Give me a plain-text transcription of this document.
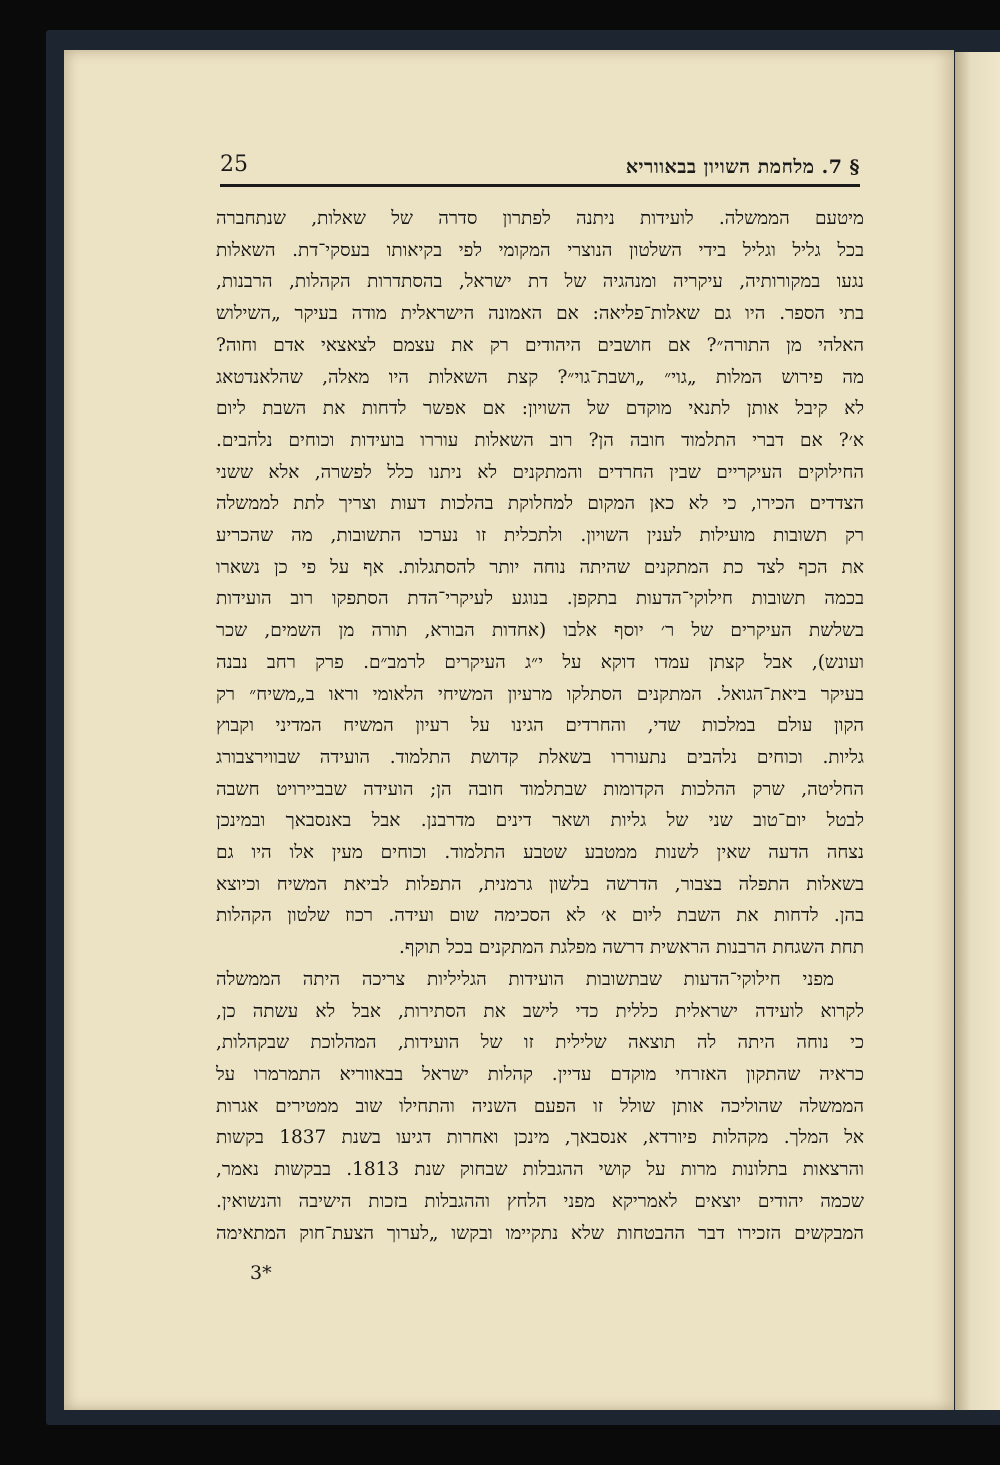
§ 7. מלחמת השויון בבאווריא
25
מיטעם הממשלה. לועידות ניתנה לפתרון סדרה של שאלות, שנתחברה
בכל גליל וגליל בידי השלטון הנוצרי המקומי לפי בקיאותו בעסקי־דת. השאלות
נגעו במקורותיה, עיקריה ומנהגיה של דת ישראל, בהסתדרות הקהלות, הרבנות,
בתי הספר. היו גם שאלות־פליאה: אם האמונה הישראלית מודה בעיקר „השילוש
האלהי מן התורה״? אם חושבים היהודים רק את עצמם לצאצאי אדם וחוה?
מה פירוש המלות „גוי״ „ושבת־גוי״? קצת השאלות היו מאלה, שהלאנדטאג
לא קיבל אותן לתנאי מוקדם של השויון: אם אפשר לדחות את השבת ליום
א׳? אם דברי התלמוד חובה הן? רוב השאלות עוררו בועידות וכוחים נלהבים.
החילוקים העיקריים שבין החרדים והמתקנים לא ניתנו כלל לפשרה, אלא ששני
הצדדים הכירו, כי לא כאן המקום למחלוקת בהלכות דעות וצריך לתת לממשלה
רק תשובות מועילות לענין השויון. ולתכלית זו נערכו התשובות, מה שהכריע
את הכף לצד כת המתקנים שהיתה נוחה יותר להסתגלות. אף על פי כן נשארו
בכמה תשובות חילוקי־הדעות בתקפן. בנוגע לעיקרי־הדת הסתפקו רוב הועידות
בשלשת העיקרים של ר׳ יוסף אלבו (אחדות הבורא, תורה מן השמים, שכר
ועונש), אבל קצתן עמדו דוקא על י״ג העיקרים לרמב״ם. פרק רחב נבנה
בעיקר ביאת־הגואל. המתקנים הסתלקו מרעיון המשיחי הלאומי וראו ב„משיח״ רק
הקון עולם במלכות שדי, והחרדים הגינו על רעיון המשיח המדיני וקבוץ
גליות. וכוחים נלהבים נתעוררו בשאלת קדושת התלמוד. הועידה שבווירצבורג
החליטה, שרק ההלכות הקדומות שבתלמוד חובה הן; הועידה שבביירויט חשבה
לבטל יום־טוב שני של גליות ושאר דינים מדרבנן. אבל באנסבאך ובמינכן
נצחה הדעה שאין לשנות ממטבע שטבע התלמוד. וכוחים מעין אלו היו גם
בשאלות התפלה בצבור, הדרשה בלשון גרמנית, התפלות לביאת המשיח וכיוצא
בהן. לדחות את השבת ליום א׳ לא הסכימה שום ועידה. רכוז שלטון הקהלות
תחת השגחת הרבנות הראשית דרשה מפלגת המתקנים בכל תוקף.
מפני חילוקי־הדעות שבתשובות הועידות הגליליות צריכה היתה הממשלה
לקרוא לועידה ישראלית כללית כדי לישב את הסתירות, אבל לא עשתה כן,
כי נוחה היתה לה תוצאה שלילית זו של הועידות, המהלוכת שבקהלות,
כראיה שהתקון האזרחי מוקדם עדיין. קהלות ישראל בבאווריא התמרמרו על
הממשלה שהוליכה אותן שולל זו הפעם השניה והתחילו שוב ממטירים אגרות
אל המלך. מקהלות פיורדא, אנסבאך, מינכן ואחרות דגיעו בשנת 1837 בקשות
והרצאות בתלונות מרות על קושי ההגבלות שבחוק שנת 1813. בבקשות נאמר,
שכמה יהודים יוצאים לאמריקא מפני הלחץ וההגבלות בזכות הישיבה והנשואין.
המבקשים הזכירו דבר ההבטחות שלא נתקיימו ובקשו „לערוך הצעת־חוק המתאימה
3*
